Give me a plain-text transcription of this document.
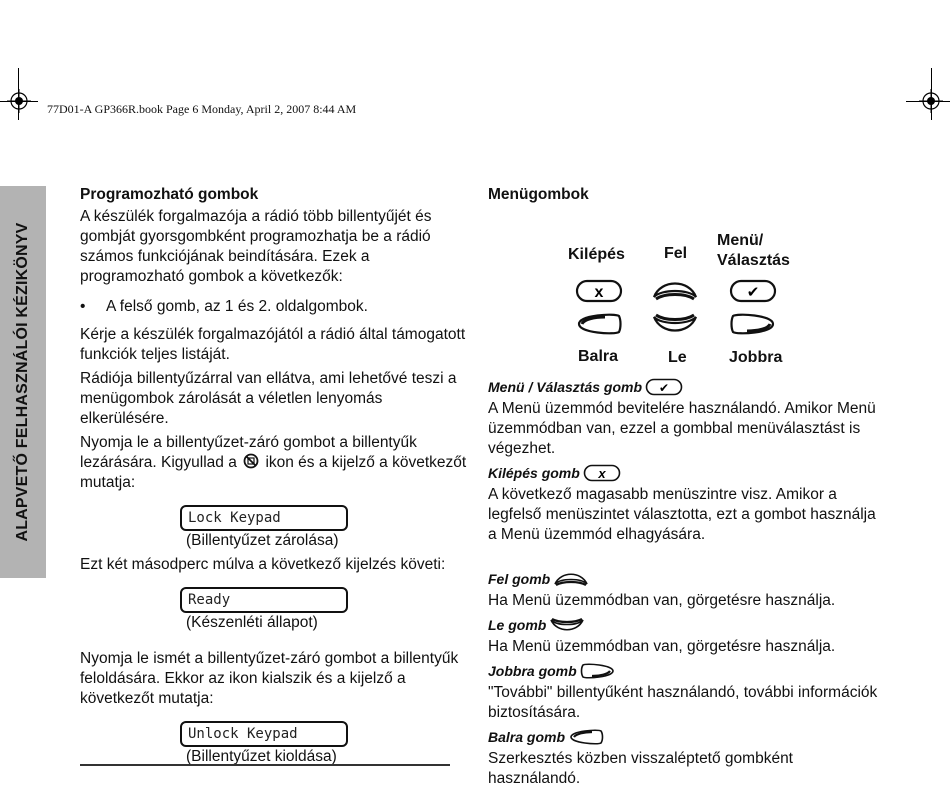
77D01-A GP366R.book Page 6 Monday, April 2, 2007 8:44 AM
ALAPVETŐ FELHASZNÁLÓI KÉZIKÖNYV
Programozható gombok

A készülék forgalmazója a rádió több billentyűjét és gombját gyorsgombként programozhatja be a rádió számos funkciójának beindítására. Ezek a programozható gombok a következők:

•	A felső gomb, az 1 és 2. oldalgombok.

Kérje a készülék forgalmazójától a rádió által támogatott funkciók teljes listáját.

Rádiója billentyűzárral van ellátva, ami lehetővé teszi a menügombok zárolását a véletlen lenyomás elkerülésére.

Nyomja le a billentyűzet-záró gombot a billentyűk lezárására. Kigyullad a ikon és a kijelző a következőt mutatja:

Lock Keypad
(Billentyűzet zárolása)

Ezt két másodperc múlva a következő kijelzés követi:

Ready
(Készenléti állapot)

Nyomja le ismét a billentyűzet-záró gombot a billentyűk feloldására. Ekkor az ikon kialszik és a kijelző a következőt mutatja:

Unlock Keypad
(Billentyűzet kioldása)
Menügombok
Kilépés Fel
Menü/ Választás
x	✔
Balra	Le	Jobbra
Menü / Választás gomb ✔

A Menü üzemmód bevitelére használandó. Amikor Menü üzemmódban van, ezzel a gombbal menüválasztást is végezhet.

Kilépés gomb x

A következő magasabb menüszintre visz. Amikor a legfelső menüszintet választotta, ezt a gombot használja a Menü üzemmód elhagyására.

Fel gomb

Ha Menü üzemmódban van, görgetésre használja.

Le gomb

Ha Menü üzemmódban van, görgetésre használja.

Jobbra gomb

"További" billentyűként használandó, további információk biztosítására.

Balra gomb

Szerkesztés közben visszaléptető gombként használandó.
